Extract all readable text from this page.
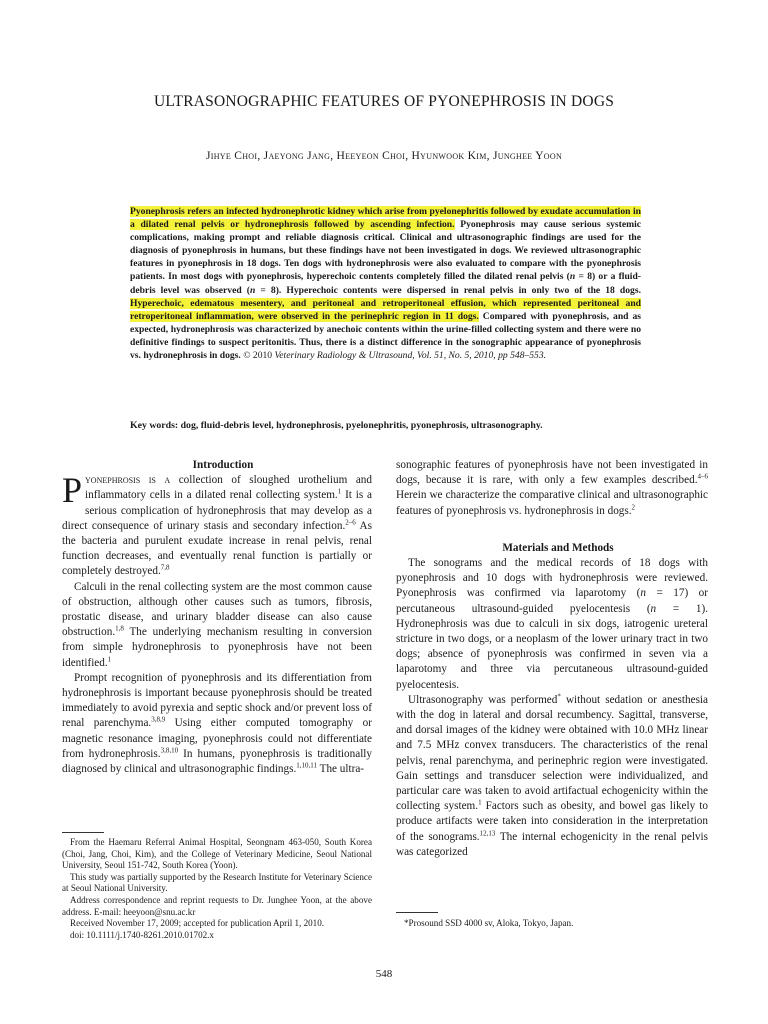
ULTRASONOGRAPHIC FEATURES OF PYONEPHROSIS IN DOGS
Jihye Choi, Jaeyong Jang, Heeyeon Choi, Hyunwook Kim, Junghee Yoon
Pyonephrosis refers an infected hydronephrotic kidney which arise from pyelonephritis followed by exudate accumulation in a dilated renal pelvis or hydronephrosis followed by ascending infection. Pyonephrosis may cause serious systemic complications, making prompt and reliable diagnosis critical. Clinical and ultrasonographic findings are used for the diagnosis of pyonephrosis in humans, but these findings have not been investigated in dogs. We reviewed ultrasonographic features in pyonephrosis in 18 dogs. Ten dogs with hydronephrosis were also evaluated to compare with the pyonephrosis patients. In most dogs with pyonephrosis, hyperechoic contents completely filled the dilated renal pelvis (n = 8) or a fluid-debris level was observed (n = 8). Hyperechoic contents were dispersed in renal pelvis in only two of the 18 dogs. Hyperechoic, edematous mesentery, and peritoneal and retroperitoneal effusion, which represented peritoneal and retroperitoneal inflammation, were observed in the perinephric region in 11 dogs. Compared with pyonephrosis, and as expected, hydronephrosis was characterized by anechoic contents within the urine-filled collecting system and there were no definitive findings to suspect peritonitis. Thus, there is a distinct difference in the sonographic appearance of pyonephrosis vs. hydronephrosis in dogs. © 2010 Veterinary Radiology & Ultrasound, Vol. 51, No. 5, 2010, pp 548–553.
Key words: dog, fluid-debris level, hydronephrosis, pyelonephritis, pyonephrosis, ultrasonography.

Introduction

Pyonephrosis is a collection of sloughed urothelium and inflammatory cells in a dilated renal collecting system.$^1$ It is a serious complication of hydronephrosis that may develop as a direct consequence of urinary stasis and secondary infection.$^{2-6}$ As the bacteria and purulent exudate increase in renal pelvis, renal function decreases, and eventually renal function is partially or completely destroyed.$^{7,8}$

Calculi in the renal collecting system are the most common cause of obstruction, although other causes such as tumors, fibrosis, prostatic disease, and urinary bladder disease can also cause obstruction.$^{1,8}$ The underlying mechanism resulting in conversion from simple hydronephrosis to pyonephrosis have not been identified.$^1$

Prompt recognition of pyonephrosis and its differentiation from hydronephrosis is important because pyonephrosis should be treated immediately to avoid pyrexia and septic shock and/or prevent loss of renal parenchyma.$^{3,8,9}$ Using either computed tomography or magnetic resonance imaging, pyonephrosis could not differentiate from hydronephrosis.$^{3,8,10}$ In humans, pyonephrosis is traditionally diagnosed by clinical and ultrasonographic findings.$^{1,10,11}$ The ultra-

From the Haemaru Referral Animal Hospital, Seongnam 463-050, South Korea (Choi, Jang, Choi, Kim), and the College of Veterinary Medicine, Seoul National University, Seoul 151-742, South Korea (Yoon).

This study was partially supported by the Research Institute for Veterinary Science at Seoul National University.

Address correspondence and reprint requests to Dr. Junghee Yoon, at the above address. E-mail: heeyoon@snu.ac.kr

Received November 17, 2009; accepted for publication April 1, 2010.

doi: 10.1111/j.1740-8261.2010.01702.x

sonographic features of pyonephrosis have not been investigated in dogs, because it is rare, with only a few examples described.$^{4-6}$ Herein we characterize the comparative clinical and ultrasonographic features of pyonephrosis vs. hydronephrosis in dogs.$^2$

Materials and Methods

The sonograms and the medical records of 18 dogs with pyonephrosis and 10 dogs with hydronephrosis were reviewed. Pyonephrosis was confirmed via laparotomy (n = 17) or percutaneous ultrasound-guided pyelocentesis (n = 1). Hydronephrosis was due to calculi in six dogs, iatrogenic ureteral stricture in two dogs, or a neoplasm of the lower urinary tract in two dogs; absence of pyonephrosis was confirmed in seven via a laparotomy and three via percutaneous ultrasound-guided pyelocentesis.

Ultrasonography was performed* without sedation or anesthesia with the dog in lateral and dorsal recumbency. Sagittal, transverse, and dorsal images of the kidney were obtained with 10.0 MHz linear and 7.5 MHz convex transducers. The characteristics of the renal pelvis, renal parenchyma, and perinephric region were investigated. Gain settings and transducer selection were individualized, and particular care was taken to avoid artifactual echogenicity within the collecting system.$^1$ Factors such as obesity, and bowel gas likely to produce artifacts were taken into consideration in the interpretation of the sonograms.$^{12,13}$ The internal echogenicity in the renal pelvis was categorized

*Prosound SSD 4000 sv, Aloka, Tokyo, Japan.

548
